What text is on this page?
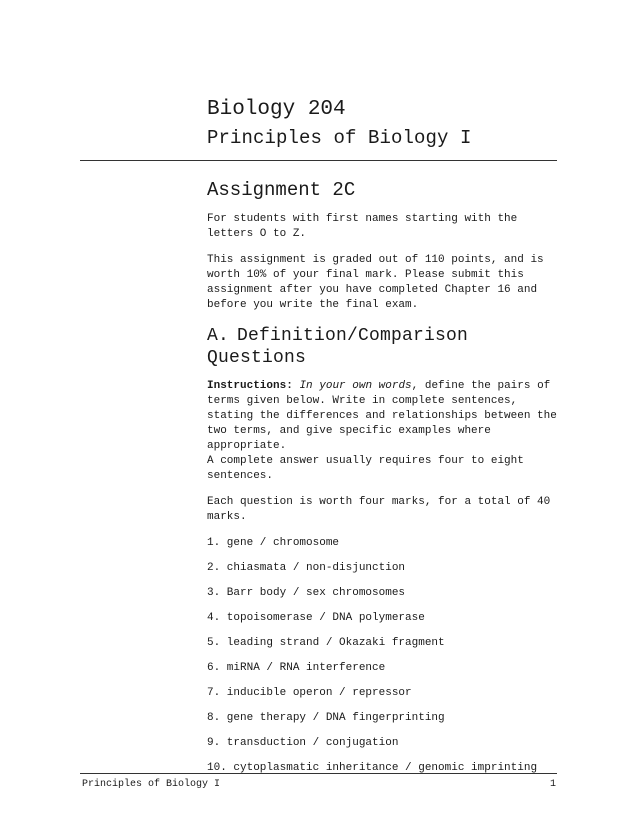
Biology 204
Principles of Biology I
Assignment 2C

For students with first names starting with the
letters O to Z.

This assignment is graded out of 110 points, and is
worth 10% of your final mark. Please submit this
assignment after you have completed Chapter 16 and
before you write the final exam.

A. Definition/Comparison Questions

Instructions: In your own words, define the pairs of
terms given below. Write in complete sentences,
stating the differences and relationships between the
two terms, and give specific examples where
appropriate.
A complete answer usually requires four to eight
sentences.

Each question is worth four marks, for a total of 40
marks.

1. gene / chromosome
2. chiasmata / non-disjunction
3. Barr body / sex chromosomes
4. topoisomerase / DNA polymerase
5. leading strand / Okazaki fragment
6. miRNA / RNA interference
7. inducible operon / repressor
8. gene therapy / DNA fingerprinting
9. transduction / conjugation
10. cytoplasmatic inheritance / genomic imprinting
Principles of Biology I	1
